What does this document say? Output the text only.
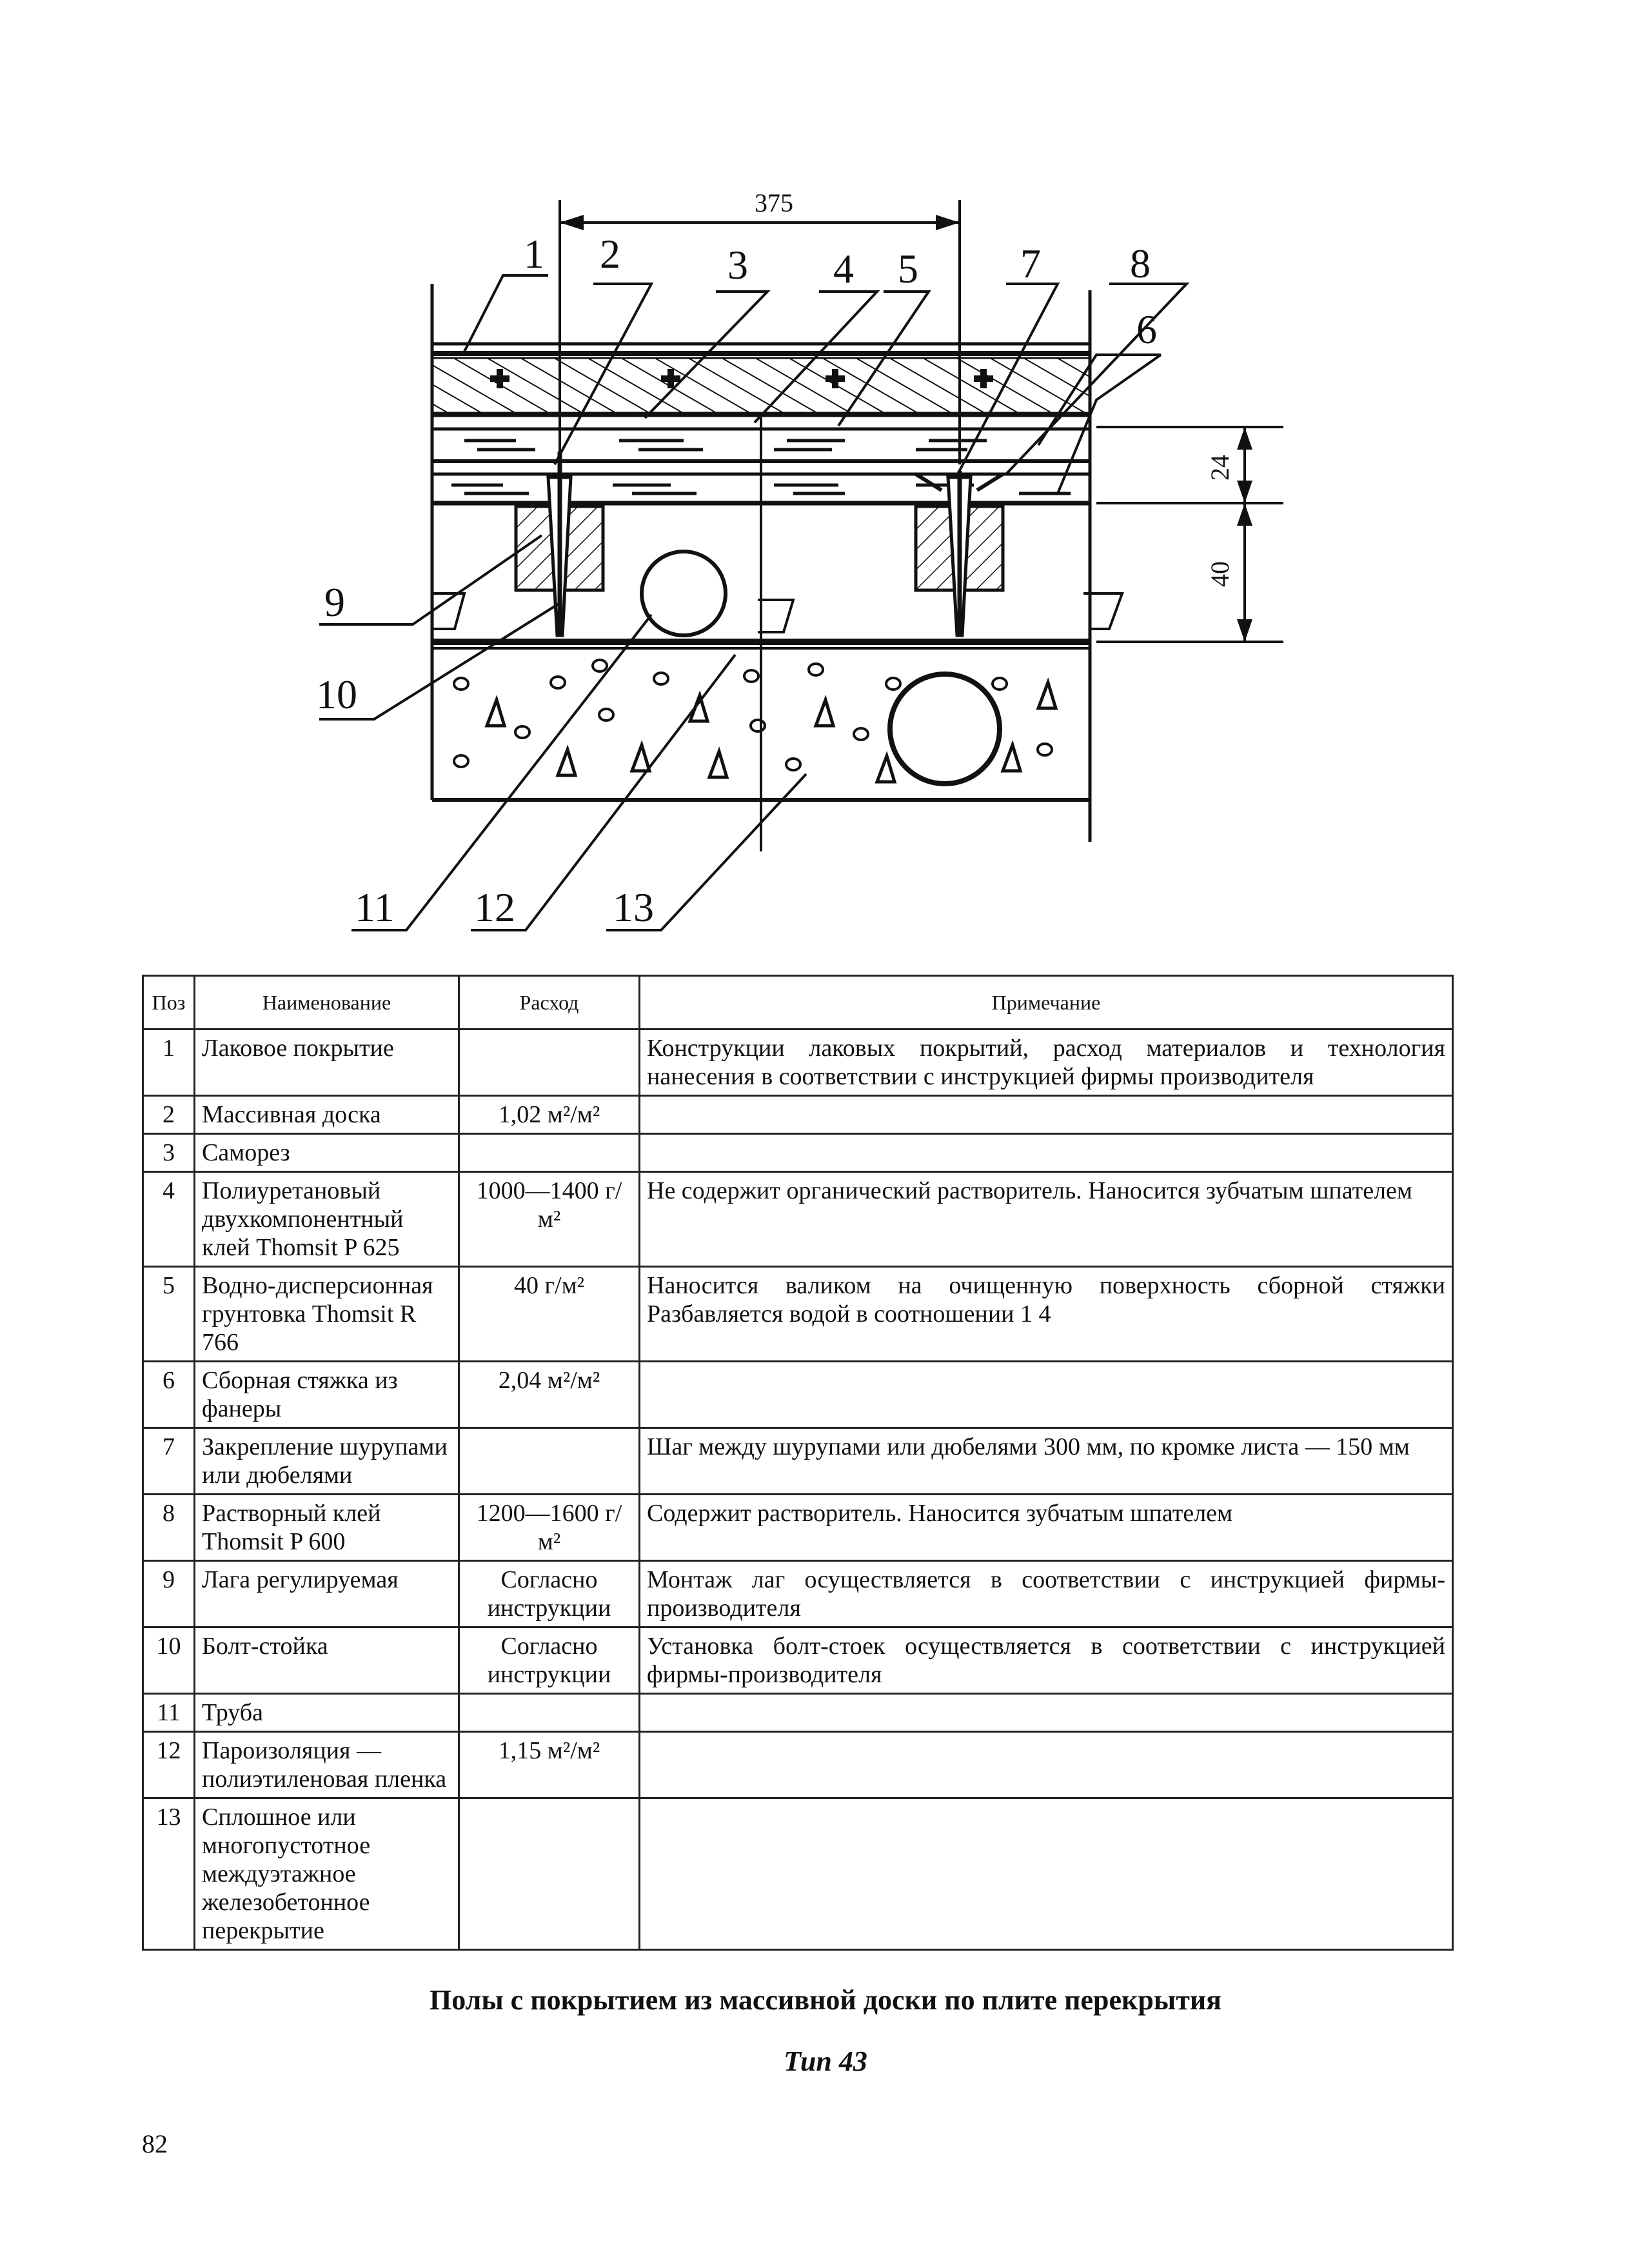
375
24
40
1 2	3 4 5 7 8
6
9
10
11 12 13
Поз	Наименование	Расход	Примечание
1	Лаковое покрытие		Конструкции лаковых покрытий, расход материалов и технология нанесения в соответствии с инструкцией фирмы производителя
2	Массивная доска	1,02 м²/м²	
3	Саморез		
4	Полиуретановый двухкомпонентный клей Thomsit P 625	1000—1400 г/м²	Не содержит органический растворитель. Наносится зубчатым шпателем
5	Водно-дисперсионная грунтовка Thomsit R 766	40 г/м²	Наносится валиком на очищенную поверхность сборной стяжки Разбавляется водой в соотношении 1 4
6	Сборная стяжка из фанеры	2,04 м²/м²	
7	Закрепление шурупами или дюбелями		Шаг между шурупами или дюбелями 300 мм, по кромке листа — 150 мм
8	Растворный клей Thomsit P 600	1200—1600 г/м²	Содержит растворитель. Наносится зубчатым шпателем
9	Лага регулируемая	Согласно инструкции	Монтаж лаг осуществляется в соответствии с инструкцией фирмы-производителя
10	Болт-стойка	Согласно инструкции	Установка болт-стоек осуществляется в соответствии с инструкцией фирмы-производителя
11	Труба		
12	Пароизоляция — полиэтиленовая пленка	1,15 м²/м²	
13	Сплошное или многопустотное междуэтажное железобетонное перекрытие		
Полы с покрытием из массивной доски по плите перекрытия
Тип 43
82
